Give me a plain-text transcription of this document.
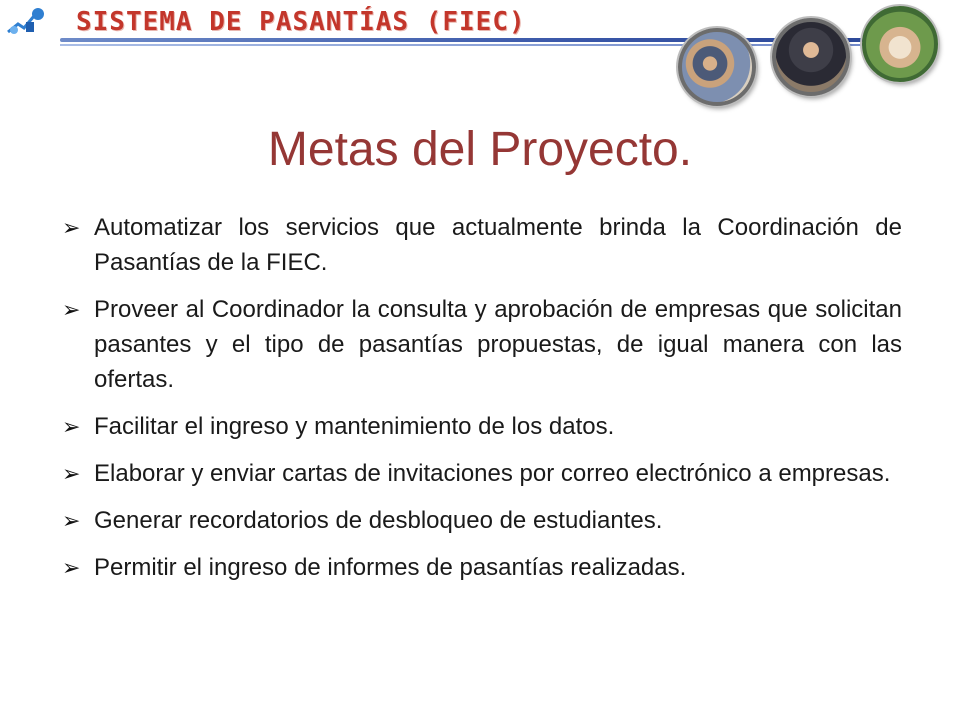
SISTEMA DE PASANTÍAS (FIEC)
Metas del Proyecto.
➢ Automatizar los servicios que actualmente brinda la Coordinación de Pasantías de la FIEC.
➢ Proveer al Coordinador la consulta y aprobación de empresas que solicitan pasantes y el tipo de pasantías propuestas, de igual manera con las ofertas.
➢ Facilitar el ingreso y mantenimiento de los datos.
➢ Elaborar y enviar cartas de invitaciones por correo electrónico a empresas.
➢ Generar recordatorios de desbloqueo de estudiantes.
➢ Permitir el ingreso de informes de pasantías realizadas.
